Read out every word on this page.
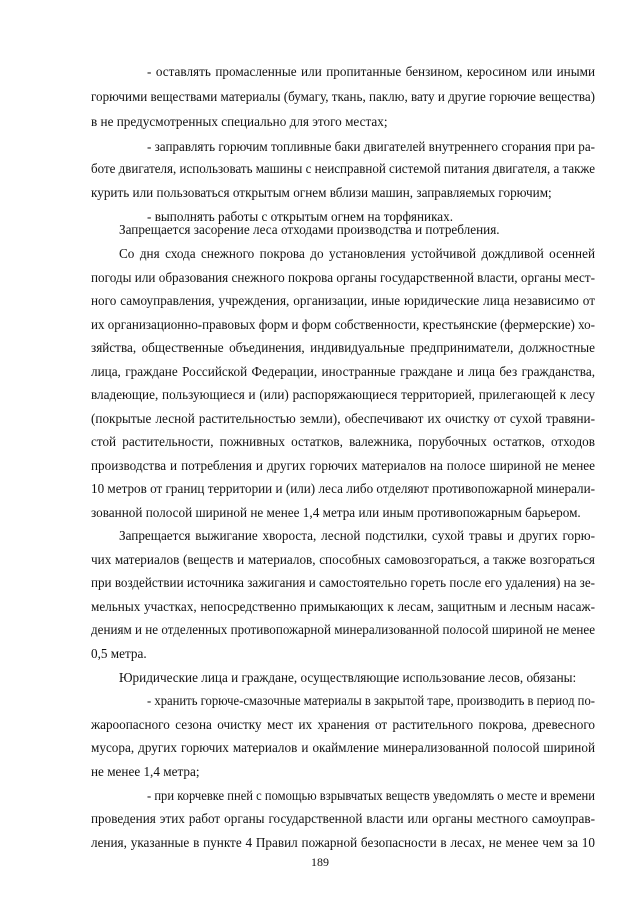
- оставлять промасленные или пропитанные бензином, керосином или иными
горючими веществами материалы (бумагу, ткань, паклю, вату и другие горючие вещества)
в не предусмотренных специально для этого местах;
- заправлять горючим топливные баки двигателей внутреннего сгорания при ра-
боте двигателя, использовать машины с неисправной системой питания двигателя, а также
курить или пользоваться открытым огнем вблизи машин, заправляемых горючим;
- выполнять работы с открытым огнем на торфяниках.
Запрещается засорение леса отходами производства и потребления.
Со дня схода снежного покрова до установления устойчивой дождливой осенней
погоды или образования снежного покрова органы государственной власти, органы мест-
ного самоуправления, учреждения, организации, иные юридические лица независимо от
их организационно-правовых форм и форм собственности, крестьянские (фермерские) хо-
зяйства, общественные объединения, индивидуальные предприниматели, должностные
лица, граждане Российской Федерации, иностранные граждане и лица без гражданства,
владеющие, пользующиеся и (или) распоряжающиеся территорией, прилегающей к лесу
(покрытые лесной растительностью земли), обеспечивают их очистку от сухой травяни-
стой растительности, пожнивных остатков, валежника, порубочных остатков, отходов
производства и потребления и других горючих материалов на полосе шириной не менее
10 метров от границ территории и (или) леса либо отделяют противопожарной минерали-
зованной полосой шириной не менее 1,4 метра или иным противопожарным барьером.
Запрещается выжигание хвороста, лесной подстилки, сухой травы и других горю-
чих материалов (веществ и материалов, способных самовозгораться, а также возгораться
при воздействии источника зажигания и самостоятельно гореть после его удаления) на зе-
мельных участках, непосредственно примыкающих к лесам, защитным и лесным насаж-
дениям и не отделенных противопожарной минерализованной полосой шириной не менее
0,5 метра.
Юридические лица и граждане, осуществляющие использование лесов, обязаны:
- хранить горюче-смазочные материалы в закрытой таре, производить в период по-
жароопасного сезона очистку мест их хранения от растительного покрова, древесного
мусора, других горючих материалов и окаймление минерализованной полосой шириной
не менее 1,4 метра;
- при корчевке пней с помощью взрывчатых веществ уведомлять о месте и времени
проведения этих работ органы государственной власти или органы местного самоуправ-
ления, указанные в пункте 4 Правил пожарной безопасности в лесах, не менее чем за 10
189
